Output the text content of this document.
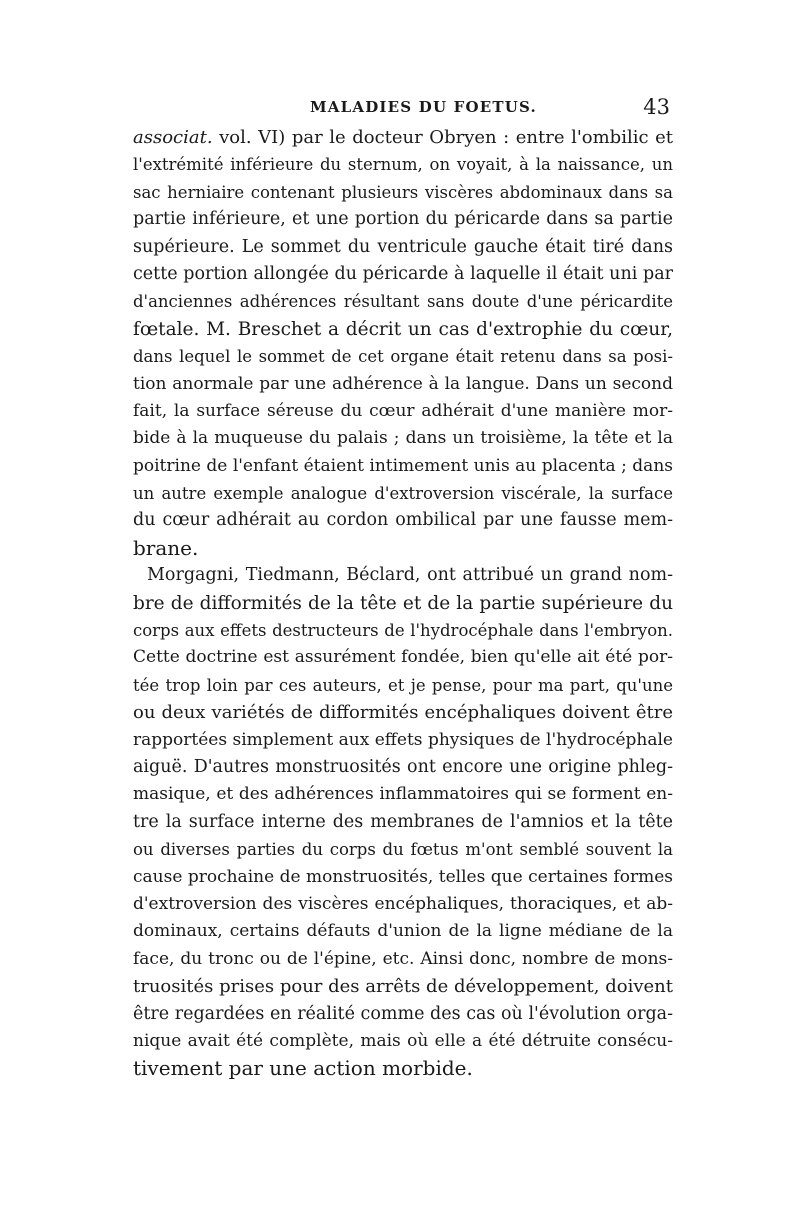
MALADIES DU FOETUS.	43
associat. vol. VI) par le docteur Obryen : entre l'ombilic et
l'extrémité inférieure du sternum, on voyait, à la naissance, un
sac herniaire contenant plusieurs viscères abdominaux dans sa
partie inférieure, et une portion du péricarde dans sa partie
supérieure. Le sommet du ventricule gauche était tiré dans
cette portion allongée du péricarde à laquelle il était uni par
d'anciennes adhérences résultant sans doute d'une péricardite
fœtale. M. Breschet a décrit un cas d'extrophie du cœur,
dans lequel le sommet de cet organe était retenu dans sa posi-
tion anormale par une adhérence à la langue. Dans un second
fait, la surface séreuse du cœur adhérait d'une manière mor-
bide à la muqueuse du palais ; dans un troisième, la tête et la
poitrine de l'enfant étaient intimement unis au placenta ; dans
un autre exemple analogue d'extroversion viscérale, la surface
du cœur adhérait au cordon ombilical par une fausse mem-
brane.
Morgagni, Tiedmann, Béclard, ont attribué un grand nom-
bre de difformités de la tête et de la partie supérieure du
corps aux effets destructeurs de l'hydrocéphale dans l'embryon.
Cette doctrine est assurément fondée, bien qu'elle ait été por-
tée trop loin par ces auteurs, et je pense, pour ma part, qu'une
ou deux variétés de difformités encéphaliques doivent être
rapportées simplement aux effets physiques de l'hydrocéphale
aiguë. D'autres monstruosités ont encore une origine phleg-
masique, et des adhérences inflammatoires qui se forment en-
tre la surface interne des membranes de l'amnios et la tête
ou diverses parties du corps du fœtus m'ont semblé souvent la
cause prochaine de monstruosités, telles que certaines formes
d'extroversion des viscères encéphaliques, thoraciques, et ab-
dominaux, certains défauts d'union de la ligne médiane de la
face, du tronc ou de l'épine, etc. Ainsi donc, nombre de mons-
truosités prises pour des arrêts de développement, doivent
être regardées en réalité comme des cas où l'évolution orga-
nique avait été complète, mais où elle a été détruite consécu-
tivement par une action morbide.
